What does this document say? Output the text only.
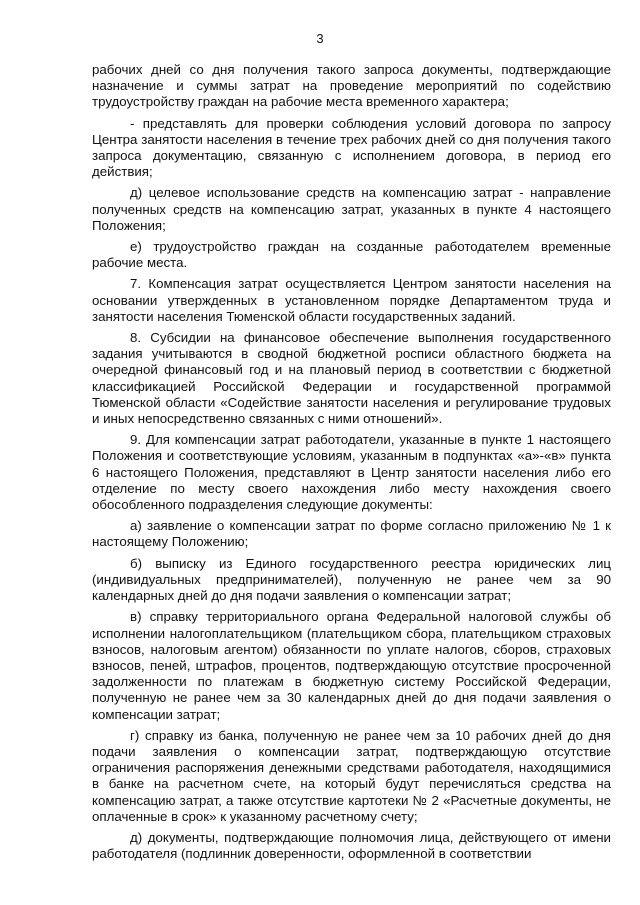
3

рабочих дней со дня получения такого запроса документы, подтверждающие назначение и суммы затрат на проведение мероприятий по содействию трудоустройству граждан на рабочие места временного характера;

- представлять для проверки соблюдения условий договора по запросу Центра занятости населения в течение трех рабочих дней со дня получения такого запроса документацию, связанную с исполнением договора, в период его действия;

д) целевое использование средств на компенсацию затрат - направление полученных средств на компенсацию затрат, указанных в пункте 4 настоящего Положения;

е) трудоустройство граждан на созданные работодателем временные рабочие места.

7. Компенсация затрат осуществляется Центром занятости населения на основании утвержденных в установленном порядке Департаментом труда и занятости населения Тюменской области государственных заданий.

8. Субсидии на финансовое обеспечение выполнения государственного задания учитываются в сводной бюджетной росписи областного бюджета на очередной финансовый год и на плановый период в соответствии с бюджетной классификацией Российской Федерации и государственной программой Тюменской области «Содействие занятости населения и регулирование трудовых и иных непосредственно связанных с ними отношений».

9. Для компенсации затрат работодатели, указанные в пункте 1 настоящего Положения и соответствующие условиям, указанным в подпунктах «а»-«в» пункта 6 настоящего Положения, представляют в Центр занятости населения либо его отделение по месту своего нахождения либо месту нахождения своего обособленного подразделения следующие документы:

а) заявление о компенсации затрат по форме согласно приложению № 1 к настоящему Положению;

б) выписку из Единого государственного реестра юридических лиц (индивидуальных предпринимателей), полученную не ранее чем за 90 календарных дней до дня подачи заявления о компенсации затрат;

в) справку территориального органа Федеральной налоговой службы об исполнении налогоплательщиком (плательщиком сбора, плательщиком страховых взносов, налоговым агентом) обязанности по уплате налогов, сборов, страховых взносов, пеней, штрафов, процентов, подтверждающую отсутствие просроченной задолженности по платежам в бюджетную систему Российской Федерации, полученную не ранее чем за 30 календарных дней до дня подачи заявления о компенсации затрат;

г) справку из банка, полученную не ранее чем за 10 рабочих дней до дня подачи заявления о компенсации затрат, подтверждающую отсутствие ограничения распоряжения денежными средствами работодателя, находящимися в банке на расчетном счете, на который будут перечисляться средства на компенсацию затрат, а также отсутствие картотеки № 2 «Расчетные документы, не оплаченные в срок» к указанному расчетному счету;

д) документы, подтверждающие полномочия лица, действующего от имени работодателя (подлинник доверенности, оформленной в соответствии
